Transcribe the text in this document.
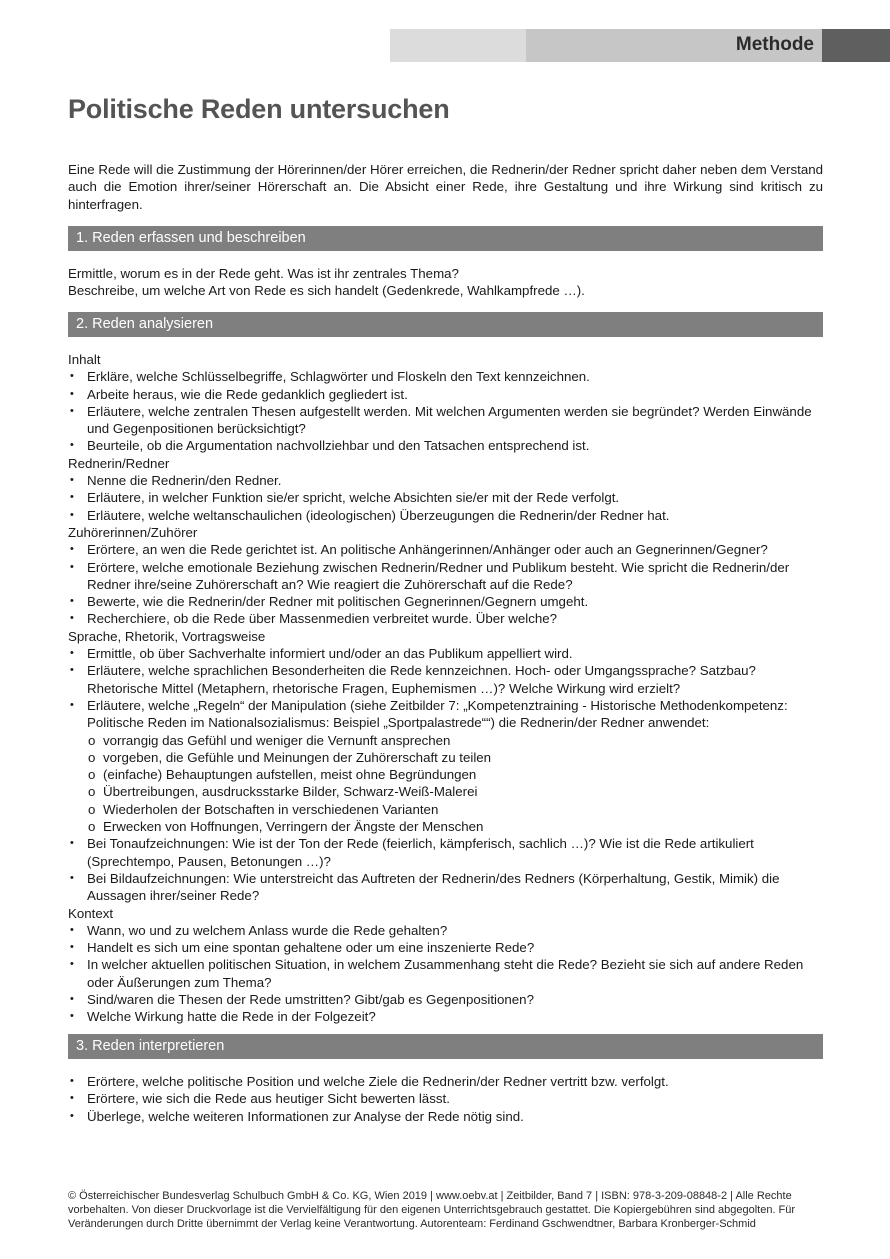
Methode
Politische Reden untersuchen

Eine Rede will die Zustimmung der Hörerinnen/der Hörer erreichen, die Rednerin/der Redner spricht daher neben dem Verstand auch die Emotion ihrer/seiner Hörerschaft an. Die Absicht einer Rede, ihre Gestaltung und ihre Wirkung sind kritisch zu hinterfragen.

1. Reden erfassen und beschreiben

Ermittle, worum es in der Rede geht. Was ist ihr zentrales Thema?

Beschreibe, um welche Art von Rede es sich handelt (Gedenkrede, Wahlkampfrede …).

2. Reden analysieren

Inhalt

• Erkläre, welche Schlüsselbegriffe, Schlagwörter und Floskeln den Text kennzeichnen.
• Arbeite heraus, wie die Rede gedanklich gegliedert ist.
• Erläutere, welche zentralen Thesen aufgestellt werden. Mit welchen Argumenten werden sie begründet? Werden Einwände und Gegenpositionen berücksichtigt?
• Beurteile, ob die Argumentation nachvollziehbar und den Tatsachen entsprechend ist.

Rednerin/Redner

• Nenne die Rednerin/den Redner.
• Erläutere, in welcher Funktion sie/er spricht, welche Absichten sie/er mit der Rede verfolgt.
• Erläutere, welche weltanschaulichen (ideologischen) Überzeugungen die Rednerin/der Redner hat.

Zuhörerinnen/Zuhörer

• Erörtere, an wen die Rede gerichtet ist. An politische Anhängerinnen/Anhänger oder auch an Gegnerinnen/Gegner?
• Erörtere, welche emotionale Beziehung zwischen Rednerin/Redner und Publikum besteht. Wie spricht die Rednerin/der Redner ihre/seine Zuhörerschaft an? Wie reagiert die Zuhörerschaft auf die Rede?
• Bewerte, wie die Rednerin/der Redner mit politischen Gegnerinnen/Gegnern umgeht.
• Recherchiere, ob die Rede über Massenmedien verbreitet wurde. Über welche?

Sprache, Rhetorik, Vortragsweise

• Ermittle, ob über Sachverhalte informiert und/oder an das Publikum appelliert wird.
• Erläutere, welche sprachlichen Besonderheiten die Rede kennzeichnen. Hoch- oder Umgangssprache? Satzbau? Rhetorische Mittel (Metaphern, rhetorische Fragen, Euphemismen …)? Welche Wirkung wird erzielt?
• Erläutere, welche „Regeln“ der Manipulation (siehe Zeitbilder 7: „Kompetenztraining - Historische Methodenkompetenz: Politische Reden im Nationalsozialismus: Beispiel „Sportpalastrede““) die Rednerin/der Redner anwendet:
o vorrangig das Gefühl und weniger die Vernunft ansprechen
o vorgeben, die Gefühle und Meinungen der Zuhörerschaft zu teilen
o (einfache) Behauptungen aufstellen, meist ohne Begründungen
o Übertreibungen, ausdrucksstarke Bilder, Schwarz-Weiß-Malerei
o Wiederholen der Botschaften in verschiedenen Varianten
o Erwecken von Hoffnungen, Verringern der Ängste der Menschen
• Bei Tonaufzeichnungen: Wie ist der Ton der Rede (feierlich, kämpferisch, sachlich …)? Wie ist die Rede artikuliert (Sprechtempo, Pausen, Betonungen …)?
• Bei Bildaufzeichnungen: Wie unterstreicht das Auftreten der Rednerin/des Redners (Körperhaltung, Gestik, Mimik) die Aussagen ihrer/seiner Rede?

Kontext

• Wann, wo und zu welchem Anlass wurde die Rede gehalten?
• Handelt es sich um eine spontan gehaltene oder um eine inszenierte Rede?
• In welcher aktuellen politischen Situation, in welchem Zusammenhang steht die Rede? Bezieht sie sich auf andere Reden oder Äußerungen zum Thema?
• Sind/waren die Thesen der Rede umstritten? Gibt/gab es Gegenpositionen?
• Welche Wirkung hatte die Rede in der Folgezeit?
3. Reden interpretieren
• Erörtere, welche politische Position und welche Ziele die Rednerin/der Redner vertritt bzw. verfolgt.
• Erörtere, wie sich die Rede aus heutiger Sicht bewerten lässt.
• Überlege, welche weiteren Informationen zur Analyse der Rede nötig sind.

© Österreichischer Bundesverlag Schulbuch GmbH & Co. KG, Wien 2019 | www.oebv.at | Zeitbilder, Band 7 | ISBN: 978-3-209-08848-2 | Alle Rechte vorbehalten. Von dieser Druckvorlage ist die Vervielfältigung für den eigenen Unterrichtsgebrauch gestattet. Die Kopiergebühren sind abgegolten. Für Veränderungen durch Dritte übernimmt der Verlag keine Verantwortung. Autorenteam: Ferdinand Gschwendtner, Barbara Kronberger-Schmid
